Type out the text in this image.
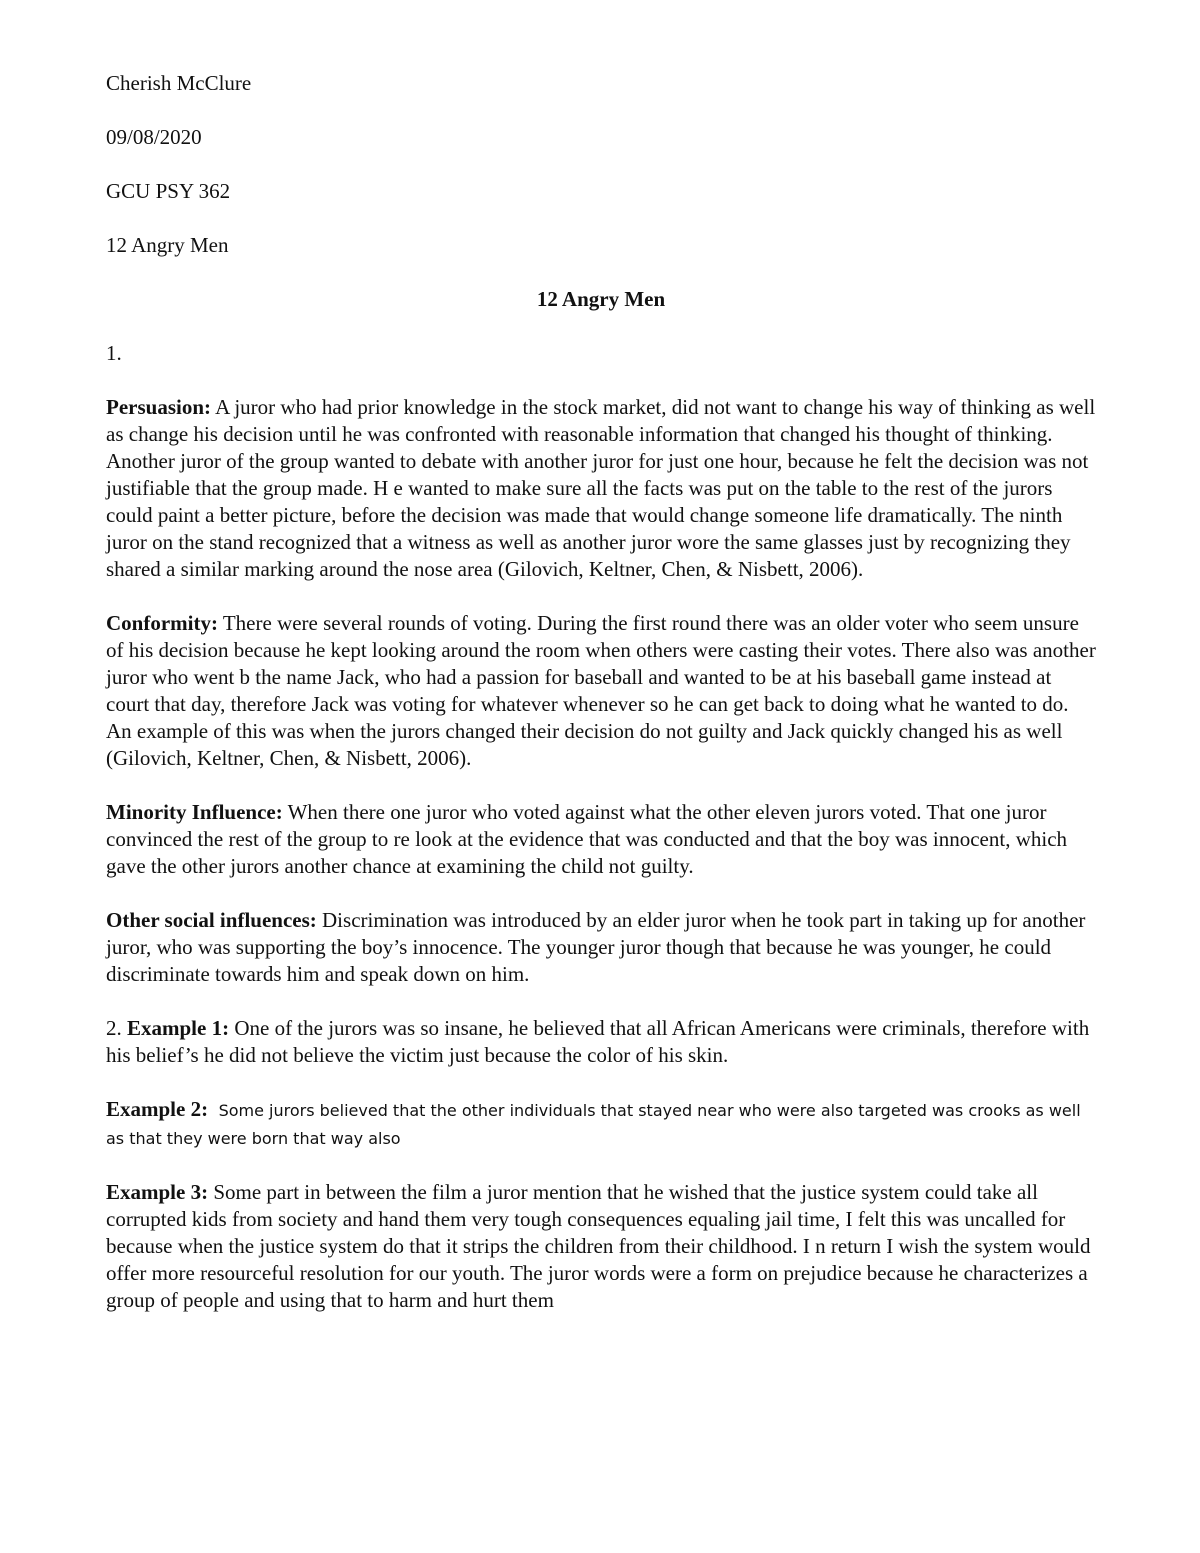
Cherish McClure
09/08/2020
GCU PSY 362
12 Angry Men
12 Angry Men
1.

Persuasion: A juror who had prior knowledge in the stock market, did not want to change his way of thinking as well as change his decision until he was confronted with reasonable information that changed his thought of thinking. Another juror of the group wanted to debate with another juror for just one hour, because he felt the decision was not justifiable that the group made. H e wanted to make sure all the facts was put on the table to the rest of the jurors could paint a better picture, before the decision was made that would change someone life dramatically. The ninth juror on the stand recognized that a witness as well as another juror wore the same glasses just by recognizing they shared a similar marking around the nose area (Gilovich, Keltner, Chen, & Nisbett, 2006).

Conformity: There were several rounds of voting. During the first round there was an older voter who seem unsure of his decision because he kept looking around the room when others were casting their votes. There also was another juror who went b the name Jack, who had a passion for baseball and wanted to be at his baseball game instead at court that day, therefore Jack was voting for whatever whenever so he can get back to doing what he wanted to do. An example of this was when the jurors changed their decision do not guilty and Jack quickly changed his as well (Gilovich, Keltner, Chen, & Nisbett, 2006).

Minority Influence: When there one juror who voted against what the other eleven jurors voted. That one juror convinced the rest of the group to re look at the evidence that was conducted and that the boy was innocent, which gave the other jurors another chance at examining the child not guilty.

Other social influences: Discrimination was introduced by an elder juror when he took part in taking up for another juror, who was supporting the boy’s innocence. The younger juror though that because he was younger, he could discriminate towards him and speak down on him.

2. Example 1: One of the jurors was so insane, he believed that all African Americans were criminals, therefore with his belief’s he did not believe the victim just because the color of his skin.

Example 2: Some jurors believed that the other individuals that stayed near who were also targeted was crooks as well as that they were born that way also

Example 3: Some part in between the film a juror mention that he wished that the justice system could take all corrupted kids from society and hand them very tough consequences equaling jail time, I felt this was uncalled for because when the justice system do that it strips the children from their childhood. I n return I wish the system would offer more resourceful resolution for our youth. The juror words were a form on prejudice because he characterizes a group of people and using that to harm and hurt them
